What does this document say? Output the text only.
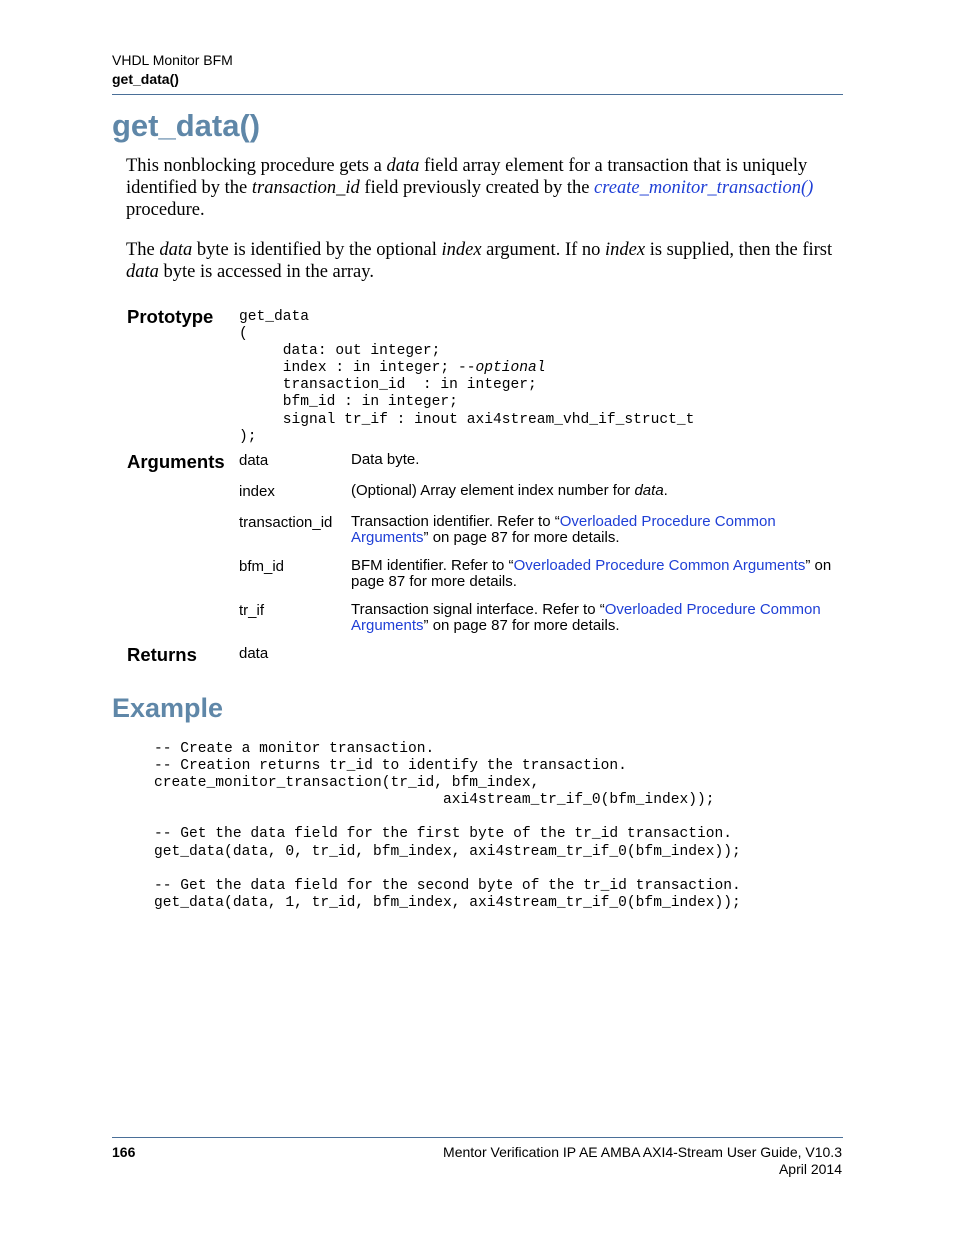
VHDL Monitor BFM
get_data()
get_data()
This nonblocking procedure gets a data field array element for a transaction that is uniquely identified by the transaction_id field previously created by the create_monitor_transaction() procedure.
The data byte is identified by the optional index argument. If no index is supplied, then the first data byte is accessed in the array.
Prototype get_data
(
data: out integer;
index : in integer; --optional
transaction_id  : in integer;
bfm_id : in integer;
signal tr_if : inout axi4stream_vhd_if_struct_t
);
Arguments data	Data byte.
index	(Optional) Array element index number for data.
transaction_id Transaction identifier. Refer to “Overloaded Procedure Common Arguments” on page 87 for more details.
bfm_id	BFM identifier. Refer to “Overloaded Procedure Common Arguments” on page 87 for more details.
tr_if	Transaction signal interface. Refer to “Overloaded Procedure Common Arguments” on page 87 for more details.
Returns	data
Example
-- Create a monitor transaction.
-- Creation returns tr_id to identify the transaction.
create_monitor_transaction(tr_id, bfm_index,
axi4stream_tr_if_0(bfm_index));

-- Get the data field for the first byte of the tr_id transaction.
get_data(data, 0, tr_id, bfm_index, axi4stream_tr_if_0(bfm_index));

-- Get the data field for the second byte of the tr_id transaction.
get_data(data, 1, tr_id, bfm_index, axi4stream_tr_if_0(bfm_index));
166	Mentor Verification IP AE AMBA AXI4-Stream User Guide, V10.3
April 2014
